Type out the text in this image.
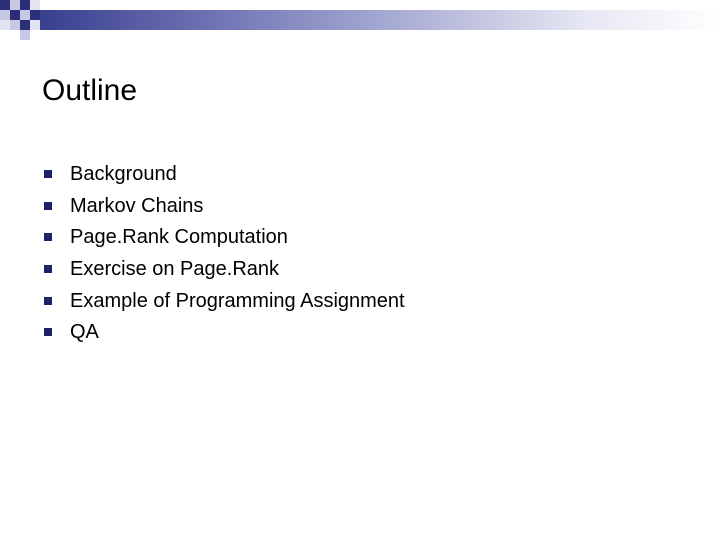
Outline
Background
Markov Chains
Page.Rank Computation
Exercise on Page.Rank
Example of Programming Assignment
QA
